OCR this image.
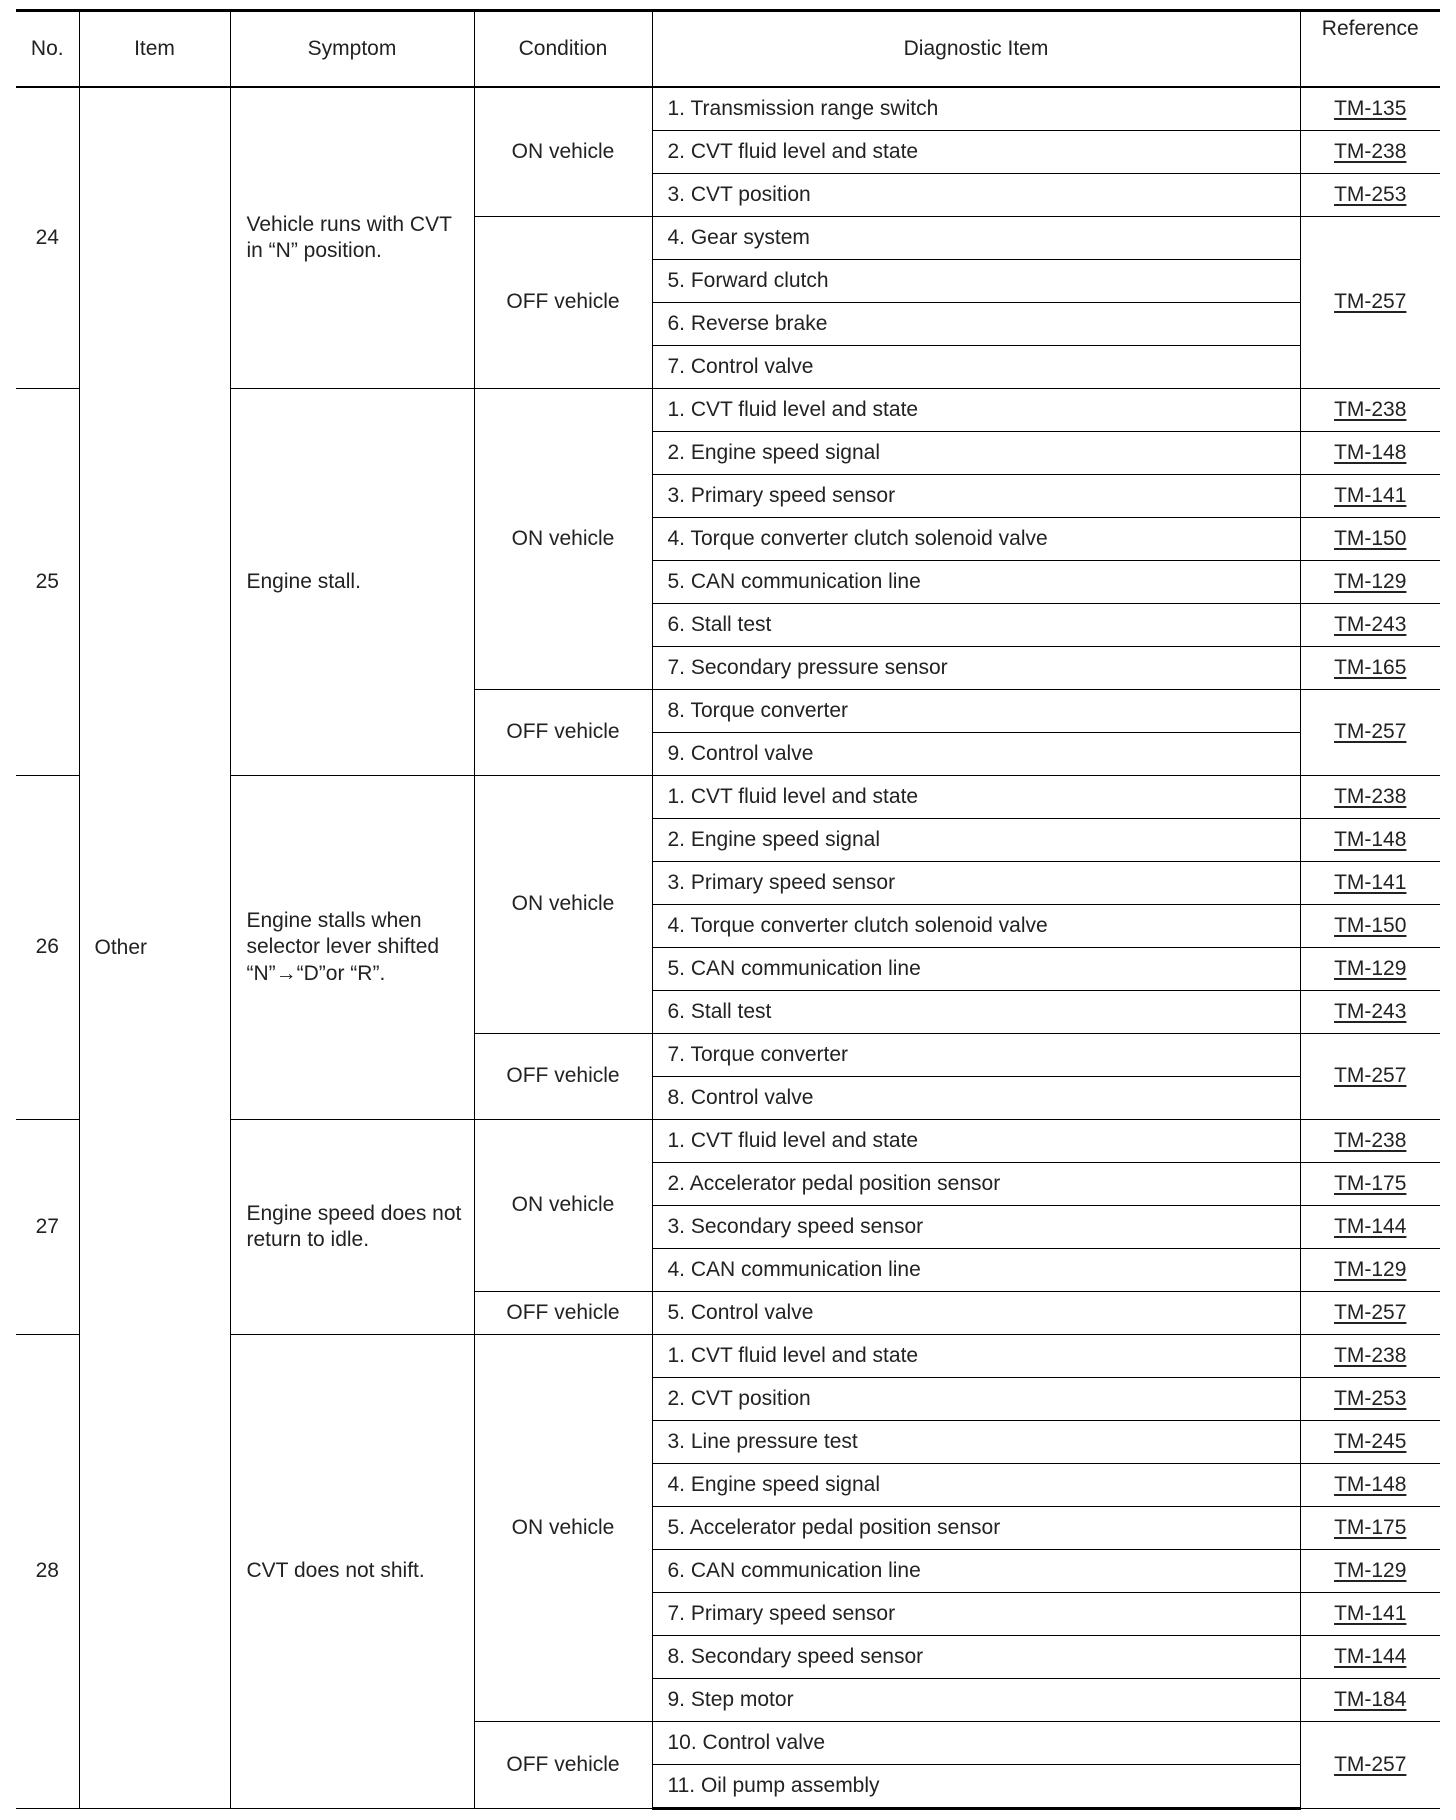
No.	Item	Symptom	Condition	Diagnostic Item	Reference
24	Other	Vehicle runs with CVT in “N” position.	ON vehicle	1. Transmission range switch	TM-135
				2. CVT fluid level and state	TM-238
				3. CVT position	TM-253
			OFF vehicle	4. Gear system	TM-257
				5. Forward clutch	
				6. Reverse brake	
				7. Control valve	
25		Engine stall.	ON vehicle	1. CVT fluid level and state	TM-238
				2. Engine speed signal	TM-148
				3. Primary speed sensor	TM-141
				4. Torque converter clutch solenoid valve	TM-150
				5. CAN communication line	TM-129
				6. Stall test	TM-243
				7. Secondary pressure sensor	TM-165
			OFF vehicle	8. Torque converter	TM-257
				9. Control valve	
26		Engine stalls when selector lever shifted “N”→“D”or “R”.	ON vehicle	1. CVT fluid level and state	TM-238
				2. Engine speed signal	TM-148
				3. Primary speed sensor	TM-141
				4. Torque converter clutch solenoid valve	TM-150
				5. CAN communication line	TM-129
				6. Stall test	TM-243
			OFF vehicle	7. Torque converter	TM-257
				8. Control valve	
27		Engine speed does not return to idle.	ON vehicle	1. CVT fluid level and state	TM-238
				2. Accelerator pedal position sensor	TM-175
				3. Secondary speed sensor	TM-144
				4. CAN communication line	TM-129
			OFF vehicle	5. Control valve	TM-257
28		CVT does not shift.	ON vehicle	1. CVT fluid level and state	TM-238
				2. CVT position	TM-253
				3. Line pressure test	TM-245
				4. Engine speed signal	TM-148
				5. Accelerator pedal position sensor	TM-175
				6. CAN communication line	TM-129
				7. Primary speed sensor	TM-141
				8. Secondary speed sensor	TM-144
				9. Step motor	TM-184
			OFF vehicle	10. Control valve	TM-257
				11. Oil pump assembly	
